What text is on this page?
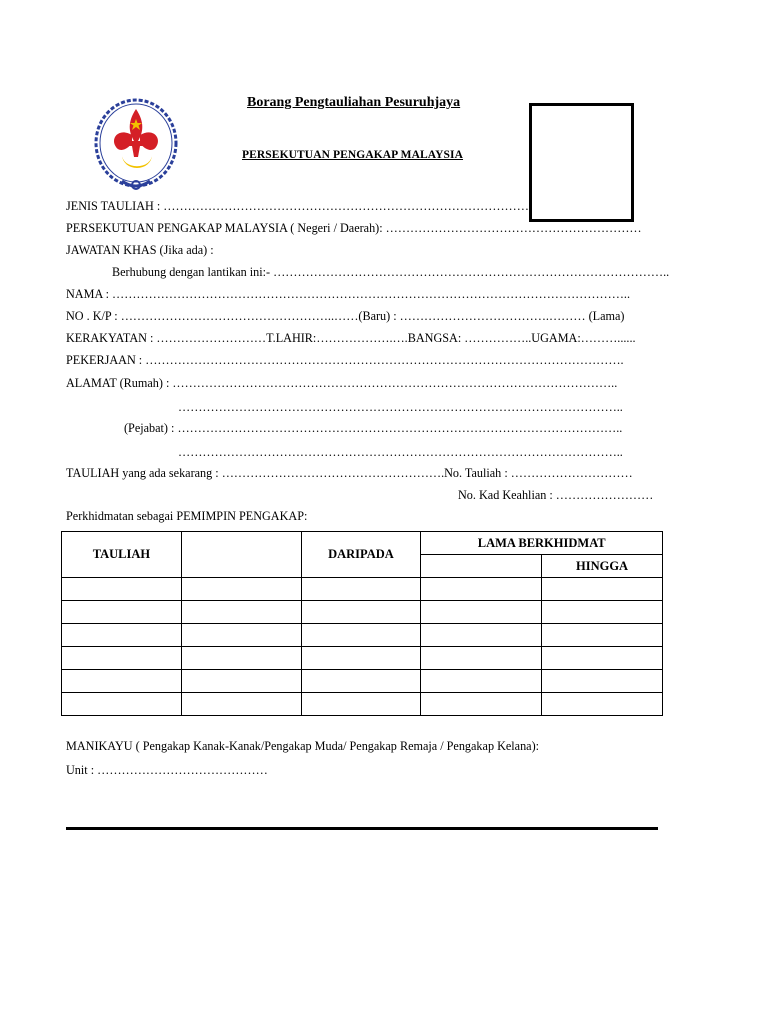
Borang Pengtauliahan Pesuruhjaya
PERSEKUTUAN PENGAKAP MALAYSIA
JENIS TAULIAH : ………………………………………………………………………………
PERSEKUTUAN PENGAKAP MALAYSIA ( Negeri / Daerah): ………………………………………………………
JAWATAN KHAS (Jika ada) :
Berhubung dengan lantikan ini:- ……………………………………………………………………………………..
NAMA : ………………………………………………………………………………………………………………..
NO . K/P : ……………………………………………..……(Baru) : ……………………………….……… (Lama)
KERAKYATAN : ………………………T.LAHIR:……………….….BANGSA: ……………..UGAMA:………......
PEKERJAAN : ……………………………………………………………………………………………………….
ALAMAT (Rumah) : ………………………………………………………………………………………………..
………………………………………………………………………………………………..
(Pejabat) : ………………………………………………………………………………………………..
………………………………………………………………………………………………..
TAULIAH yang ada sekarang : ……………………………………………….No. Tauliah : …………………………
No. Kad Keahlian : ……………………
Perkhidmatan sebagai PEMIMPIN PENGAKAP:
TAULIAH		DARIPADA	LAMA BERKHIDMAT	
				HINGGA

MANIKAYU ( Pengakap Kanak-Kanak/Pengakap Muda/ Pengakap Remaja / Pengakap Kelana):
Unit : ……………………………………
